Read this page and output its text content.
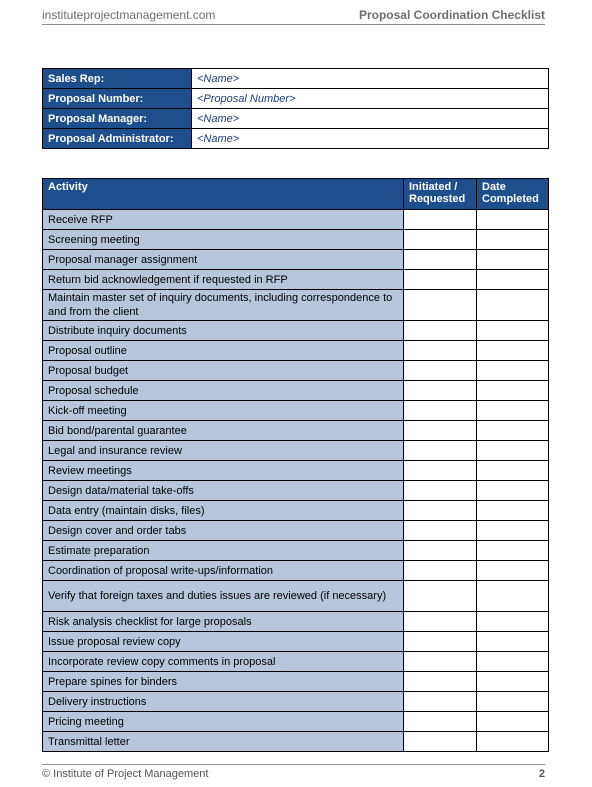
instituteprojectmanagement.com	Proposal Coordination Checklist
Sales Rep:	<Name>
Proposal Number:	<Proposal Number>
Proposal Manager:	<Name>
Proposal Administrator:	<Name>
Activity	Initiated / Requested	Date Completed
Receive RFP		
Screening meeting		
Proposal manager assignment		
Return bid acknowledgement if requested in RFP		
Maintain master set of inquiry documents, including correspondence to and from the client		
Distribute inquiry documents		
Proposal outline		
Proposal budget		
Proposal schedule		
Kick-off meeting		
Bid bond/parental guarantee		
Legal and insurance review		
Review meetings		
Design data/material take-offs		
Data entry (maintain disks, files)		
Design cover and order tabs		
Estimate preparation		
Coordination of proposal write-ups/information		
Verify that foreign taxes and duties issues are reviewed (if necessary)		
Risk analysis checklist for large proposals		
Issue proposal review copy		
Incorporate review copy comments in proposal		
Prepare spines for binders		
Delivery instructions		
Pricing meeting		
Transmittal letter		
© Institute of Project Management	2
